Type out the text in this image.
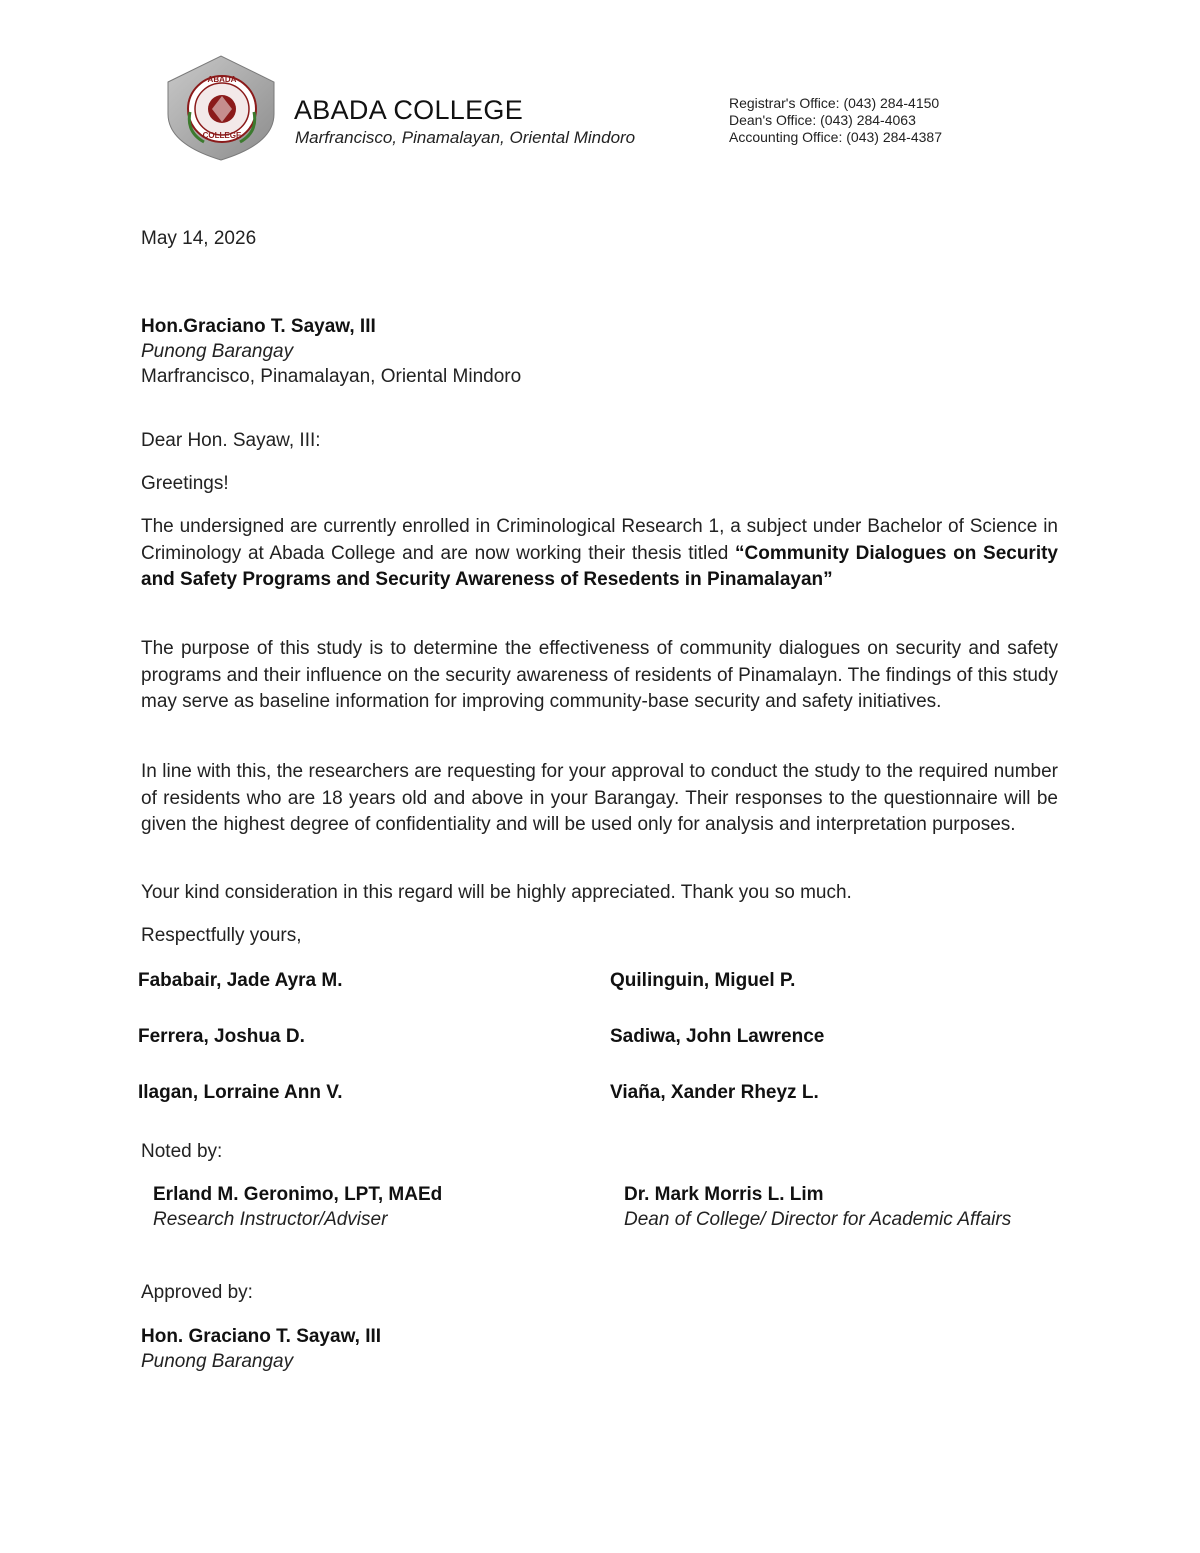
ABADA
COLLEGE
ABADA COLLEGE
Marfrancisco, Pinamalayan, Oriental Mindoro
Registrar's Office: (043) 284-4150
Dean's Office: (043) 284-4063
Accounting Office: (043) 284-4387
May 14, 2026
Hon.Graciano T. Sayaw, III
Punong Barangay
Marfrancisco, Pinamalayan, Oriental Mindoro
Dear Hon. Sayaw, III:
Greetings!
The undersigned are currently enrolled in Criminological Research 1, a subject under Bachelor of Science in Criminology at Abada College and are now working their thesis titled “Community Dialogues on Security and Safety Programs and Security Awareness of Resedents in Pinamalayan”
The purpose of this study is to determine the effectiveness of community dialogues on security and safety programs and their influence on the security awareness of residents of Pinamalayn. The findings of this study may serve as baseline information for improving community-base security and safety initiatives.
In line with this, the researchers are requesting for your approval to conduct the study to the required number of residents who are 18 years old and above in your Barangay. Their responses to the questionnaire will be given the highest degree of confidentiality and will be used only for analysis and interpretation purposes.
Your kind consideration in this regard will be highly appreciated. Thank you so much.
Respectfully yours,
Fababair, Jade Ayra M.
Ferrera, Joshua D.
Ilagan, Lorraine Ann V.
Quilinguin, Miguel P.
Sadiwa, John Lawrence
Viaña, Xander Rheyz L.
Noted by:
Erland M. Geronimo, LPT, MAEd
Research Instructor/Adviser
Dr. Mark Morris L. Lim
Dean of College/ Director for Academic Affairs
Approved by:
Hon. Graciano T. Sayaw, III
Punong Barangay
